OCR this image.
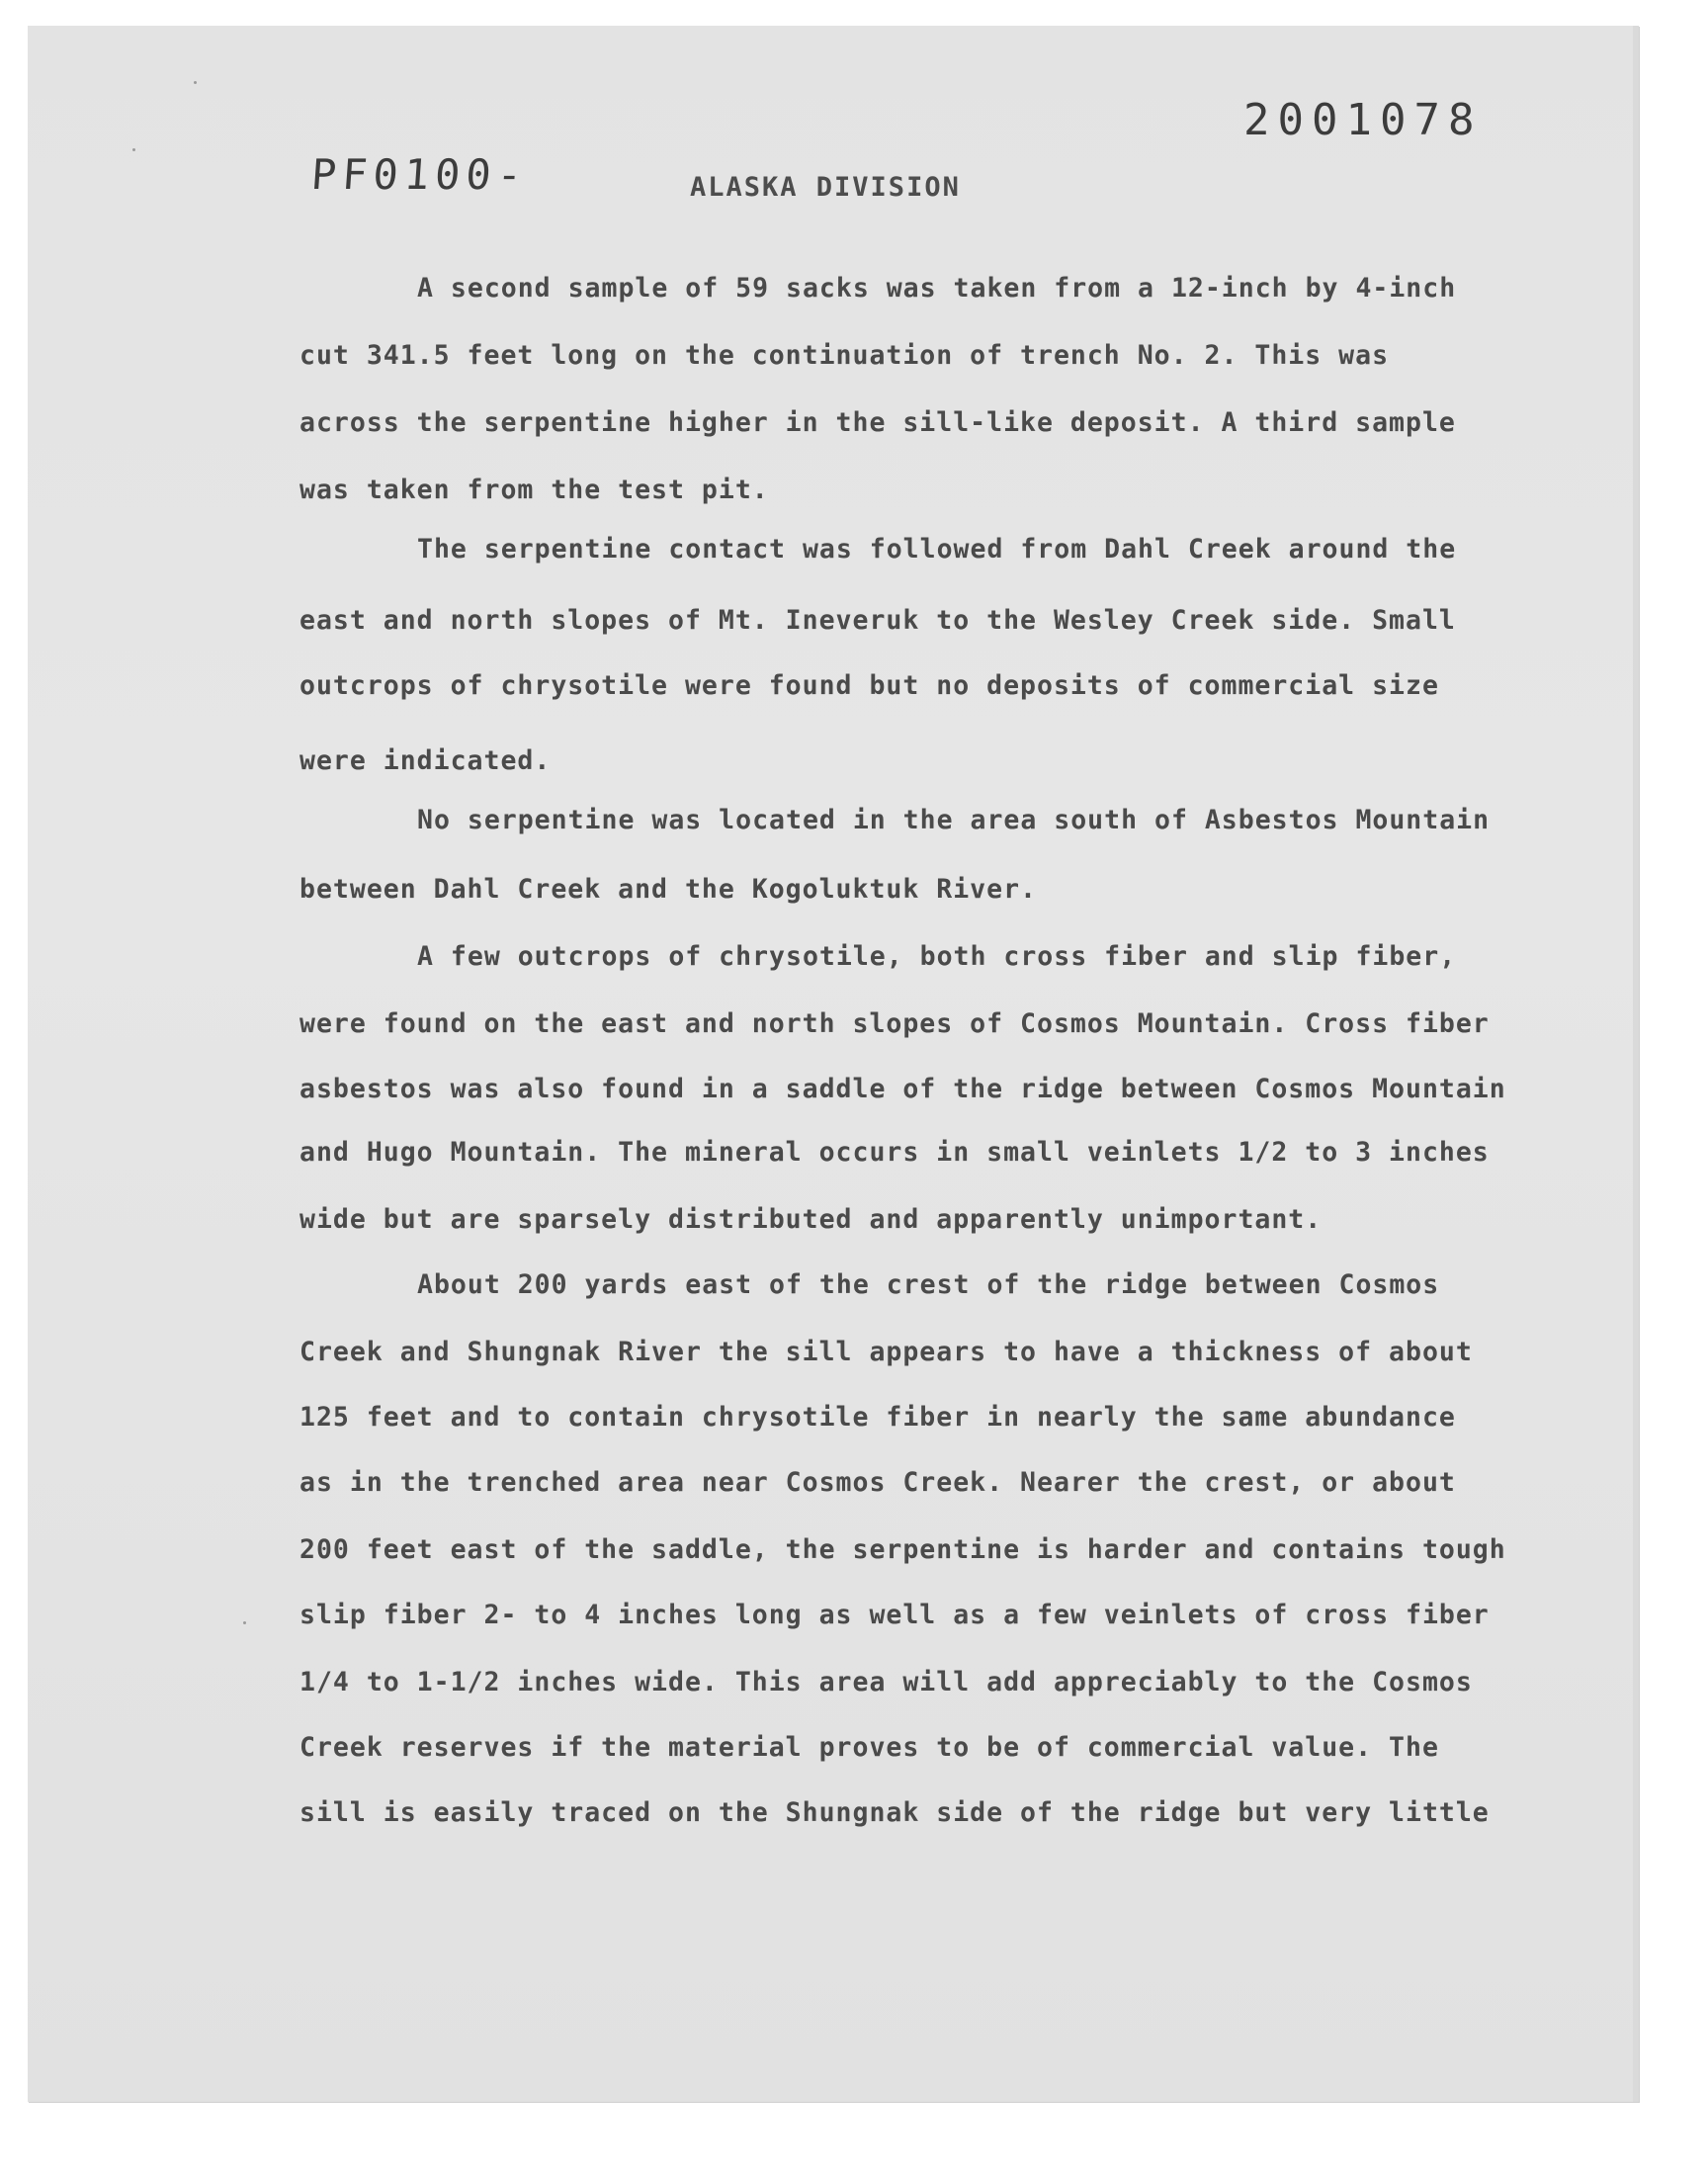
PF0100-
2001078
ALASKA DIVISION
A second sample of 59 sacks was taken from a 12-inch by 4-inch
cut 341.5 feet long on the continuation of trench No. 2. This was
across the serpentine higher in the sill-like deposit. A third sample
was taken from the test pit.
The serpentine contact was followed from Dahl Creek around the
east and north slopes of Mt. Ineveruk to the Wesley Creek side. Small
outcrops of chrysotile were found but no deposits of commercial size
were indicated.
No serpentine was located in the area south of Asbestos Mountain
between Dahl Creek and the Kogoluktuk River.
A few outcrops of chrysotile, both cross fiber and slip fiber,
were found on the east and north slopes of Cosmos Mountain. Cross fiber
asbestos was also found in a saddle of the ridge between Cosmos Mountain
and Hugo Mountain. The mineral occurs in small veinlets 1/2 to 3 inches
wide but are sparsely distributed and apparently unimportant.
About 200 yards east of the crest of the ridge between Cosmos
Creek and Shungnak River the sill appears to have a thickness of about
125 feet and to contain chrysotile fiber in nearly the same abundance
as in the trenched area near Cosmos Creek. Nearer the crest, or about
200 feet east of the saddle, the serpentine is harder and contains tough
slip fiber 2- to 4 inches long as well as a few veinlets of cross fiber
1/4 to 1-1/2 inches wide. This area will add appreciably to the Cosmos
Creek reserves if the material proves to be of commercial value. The
sill is easily traced on the Shungnak side of the ridge but very little
